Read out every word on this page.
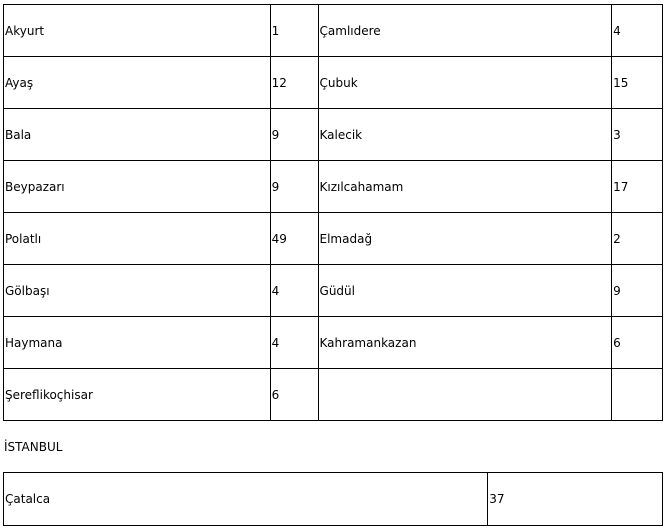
Akyurt	1	Çamlıdere	4
Ayaş	12	Çubuk	15
Bala	9	Kalecik	3
Beypazarı	9	Kızılcahamam	17
Polatlı	49	Elmadağ	2
Gölbaşı	4	Güdül	9
Haymana	4	Kahramankazan	6
Şereflikoçhisar	6		
İSTANBUL
Çatalca	37
